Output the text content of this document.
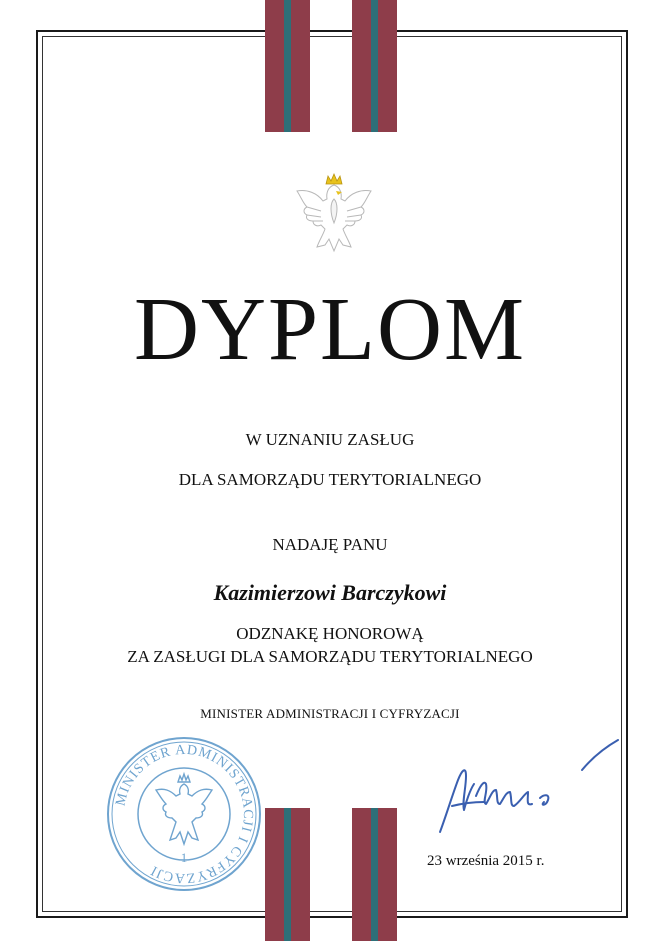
DYPLOM
W UZNANIU ZASŁUG
DLA SAMORZĄDU TERYTORIALNEGO
NADAJĘ PANU
Kazimierzowi Barczykowi
ODZNAKĘ HONOROWĄ
ZA ZASŁUGI DLA SAMORZĄDU TERYTORIALNEGO
MINISTER ADMINISTRACJI I CYFRYZACJI
MINISTER ADMINISTRACJI I CYFRYZACJI
1	23 września 2015 r.
